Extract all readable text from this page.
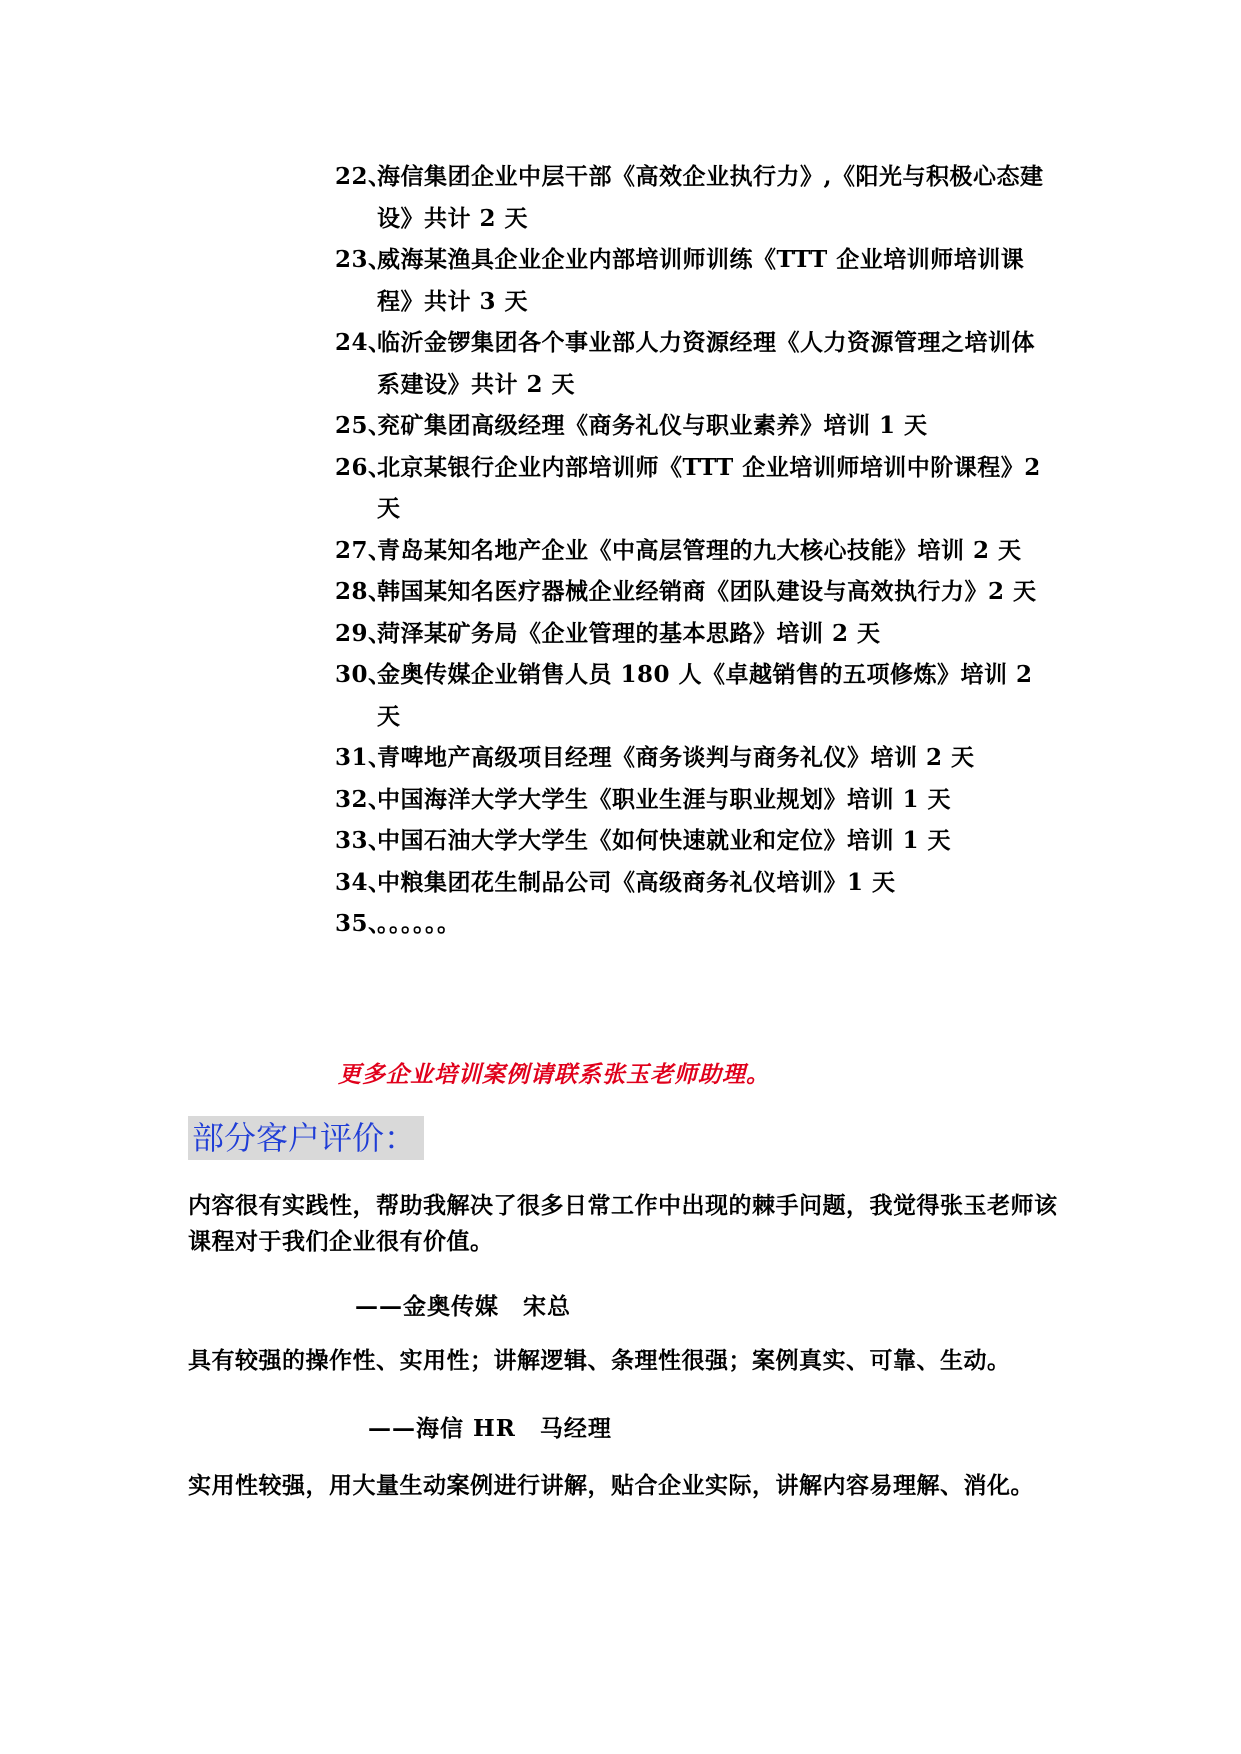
22、
海信集团企业中层干部《高效企业执行力》,《阳光与积极心态建设》共计 2 天
23、
威海某渔具企业企业内部培训师训练《TTT 企业培训师培训课程》共计 3 天
24、
临沂金锣集团各个事业部人力资源经理《人力资源管理之培训体系建设》共计 2 天
25、
兖矿集团高级经理《商务礼仪与职业素养》培训 1 天
26、
北京某银行企业内部培训师《TTT 企业培训师培训中阶课程》2 天
27、
青岛某知名地产企业《中高层管理的九大核心技能》培训 2 天
28、
韩国某知名医疗器械企业经销商《团队建设与高效执行力》2 天
29、
菏泽某矿务局《企业管理的基本思路》培训 2 天
30、
金奥传媒企业销售人员 180 人《卓越销售的五项修炼》培训 2 天
31、
青啤地产高级项目经理《商务谈判与商务礼仪》培训 2 天
32、
中国海洋大学大学生《职业生涯与职业规划》培训 1 天
33、
中国石油大学大学生《如何快速就业和定位》培训 1 天
34、
中粮集团花生制品公司《高级商务礼仪培训》1 天
35、
。。。。。。
更多企业培训案例请联系张玉老师助理。
部分客户评价：
内容很有实践性，帮助我解决了很多日常工作中出现的棘手问题，我觉得张玉老师该课程对于我们企业很有价值。
——金奥传媒　宋总
具有较强的操作性、实用性；讲解逻辑、条理性很强；案例真实、可靠、生动。
——海信 HR　马经理
实用性较强，用大量生动案例进行讲解，贴合企业实际，讲解内容易理解、消化。
